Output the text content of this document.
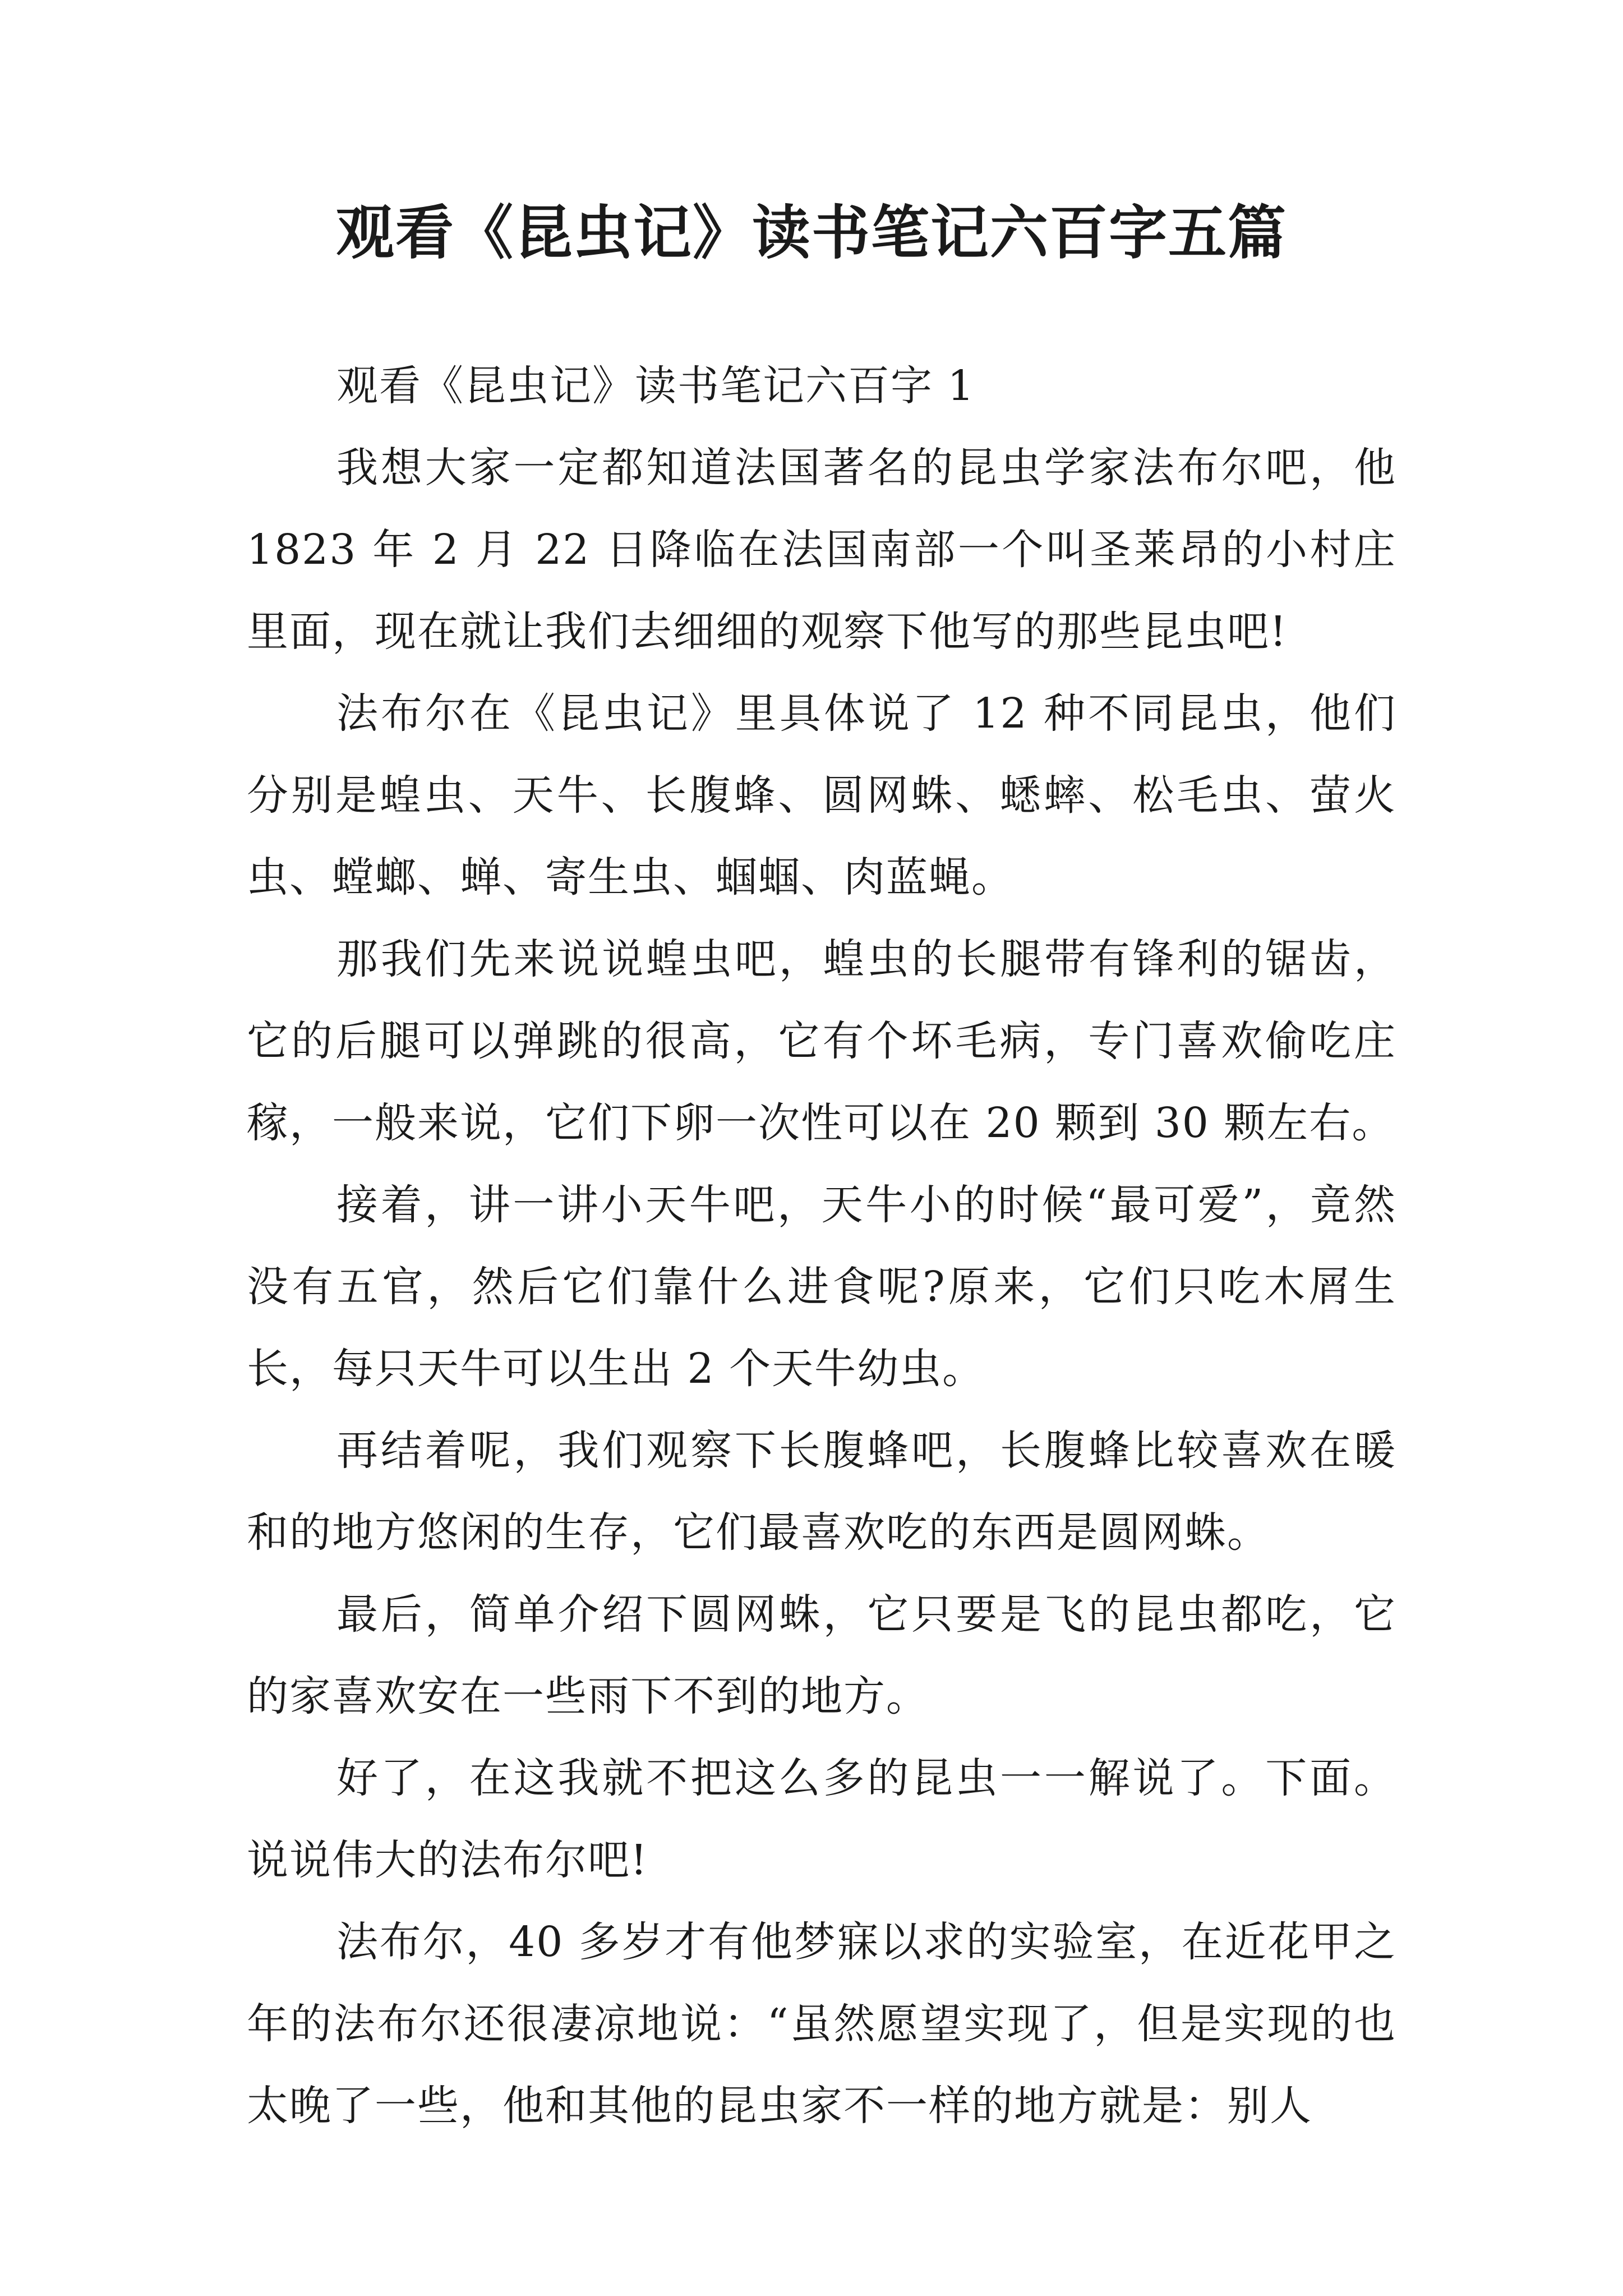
观看《昆虫记》读书笔记六百字五篇

观看《昆虫记》读书笔记六百字 1

我想大家一定都知道法国著名的昆虫学家法布尔吧，他 1823 年 2 月 22 日降临在法国南部一个叫圣莱昂的小村庄里面，现在就让我们去细细的观察下他写的那些昆虫吧!

法布尔在《昆虫记》里具体说了 12 种不同昆虫，他们分别是蝗虫、天牛、长腹蜂、圆网蛛、蟋蟀、松毛虫、萤火虫、螳螂、蝉、寄生虫、蝈蝈、肉蓝蝇。

那我们先来说说蝗虫吧，蝗虫的长腿带有锋利的锯齿，它的后腿可以弹跳的很高，它有个坏毛病，专门喜欢偷吃庄稼，一般来说，它们下卵一次性可以在 20 颗到 30 颗左右。

接着，讲一讲小天牛吧，天牛小的时候“最可爱”，竟然没有五官，然后它们靠什么进食呢?原来，它们只吃木屑生长，每只天牛可以生出 2 个天牛幼虫。

再结着呢，我们观察下长腹蜂吧，长腹蜂比较喜欢在暖和的地方悠闲的生存，它们最喜欢吃的东西是圆网蛛。

最后，简单介绍下圆网蛛，它只要是飞的昆虫都吃，它的家喜欢安在一些雨下不到的地方。

好了，在这我就不把这么多的昆虫一一解说了。下面。说说伟大的法布尔吧!

法布尔，40 多岁才有他梦寐以求的实验室，在近花甲之年的法布尔还很凄凉地说：“虽然愿望实现了，但是实现的也太晚了一些，他和其他的昆虫家不一样的地方就是：别人
